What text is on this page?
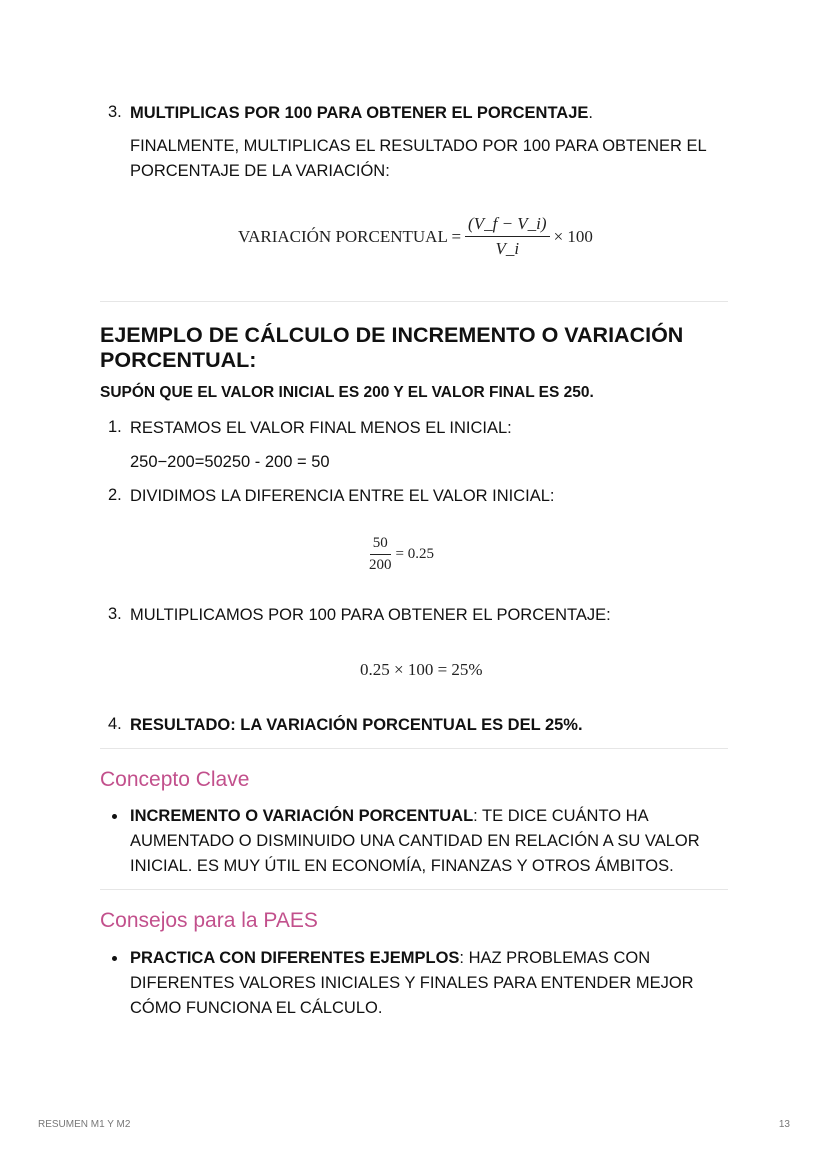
3. MULTIPLICAS POR 100 PARA OBTENER EL PORCENTAJE.
FINALMENTE, MULTIPLICAS EL RESULTADO POR 100 PARA OBTENER EL
PORCENTAJE DE LA VARIACIÓN:
VARIACIÓN PORCENTUAL = $\frac{(V\_f - V\_i)}{V\_i} \times 100$
EJEMPLO DE CÁLCULO DE INCREMENTO O VARIACIÓN
PORCENTUAL:
SUPÓN QUE EL VALOR INICIAL ES 200 Y EL VALOR FINAL ES 250.
1. RESTAMOS EL VALOR FINAL MENOS EL INICIAL:
250−200=50250 - 200 = 50
2. DIVIDIMOS LA DIFERENCIA ENTRE EL VALOR INICIAL:
$\frac{50}{200} = 0.25$
3. MULTIPLICAMOS POR 100 PARA OBTENER EL PORCENTAJE:
0.25 × 100 = 25%
4. RESULTADO: LA VARIACIÓN PORCENTUAL ES DEL 25%.
Concepto Clave
INCREMENTO O VARIACIÓN PORCENTUAL: TE DICE CUÁNTO HA
AUMENTADO O DISMINUIDO UNA CANTIDAD EN RELACIÓN A SU VALOR
INICIAL. ES MUY ÚTIL EN ECONOMÍA, FINANZAS Y OTROS ÁMBITOS.
Consejos para la PAES
PRACTICA CON DIFERENTES EJEMPLOS: HAZ PROBLEMAS CON
DIFERENTES VALORES INICIALES Y FINALES PARA ENTENDER MEJOR
CÓMO FUNCIONA EL CÁLCULO.
RESUMEN M1 Y M2	13
